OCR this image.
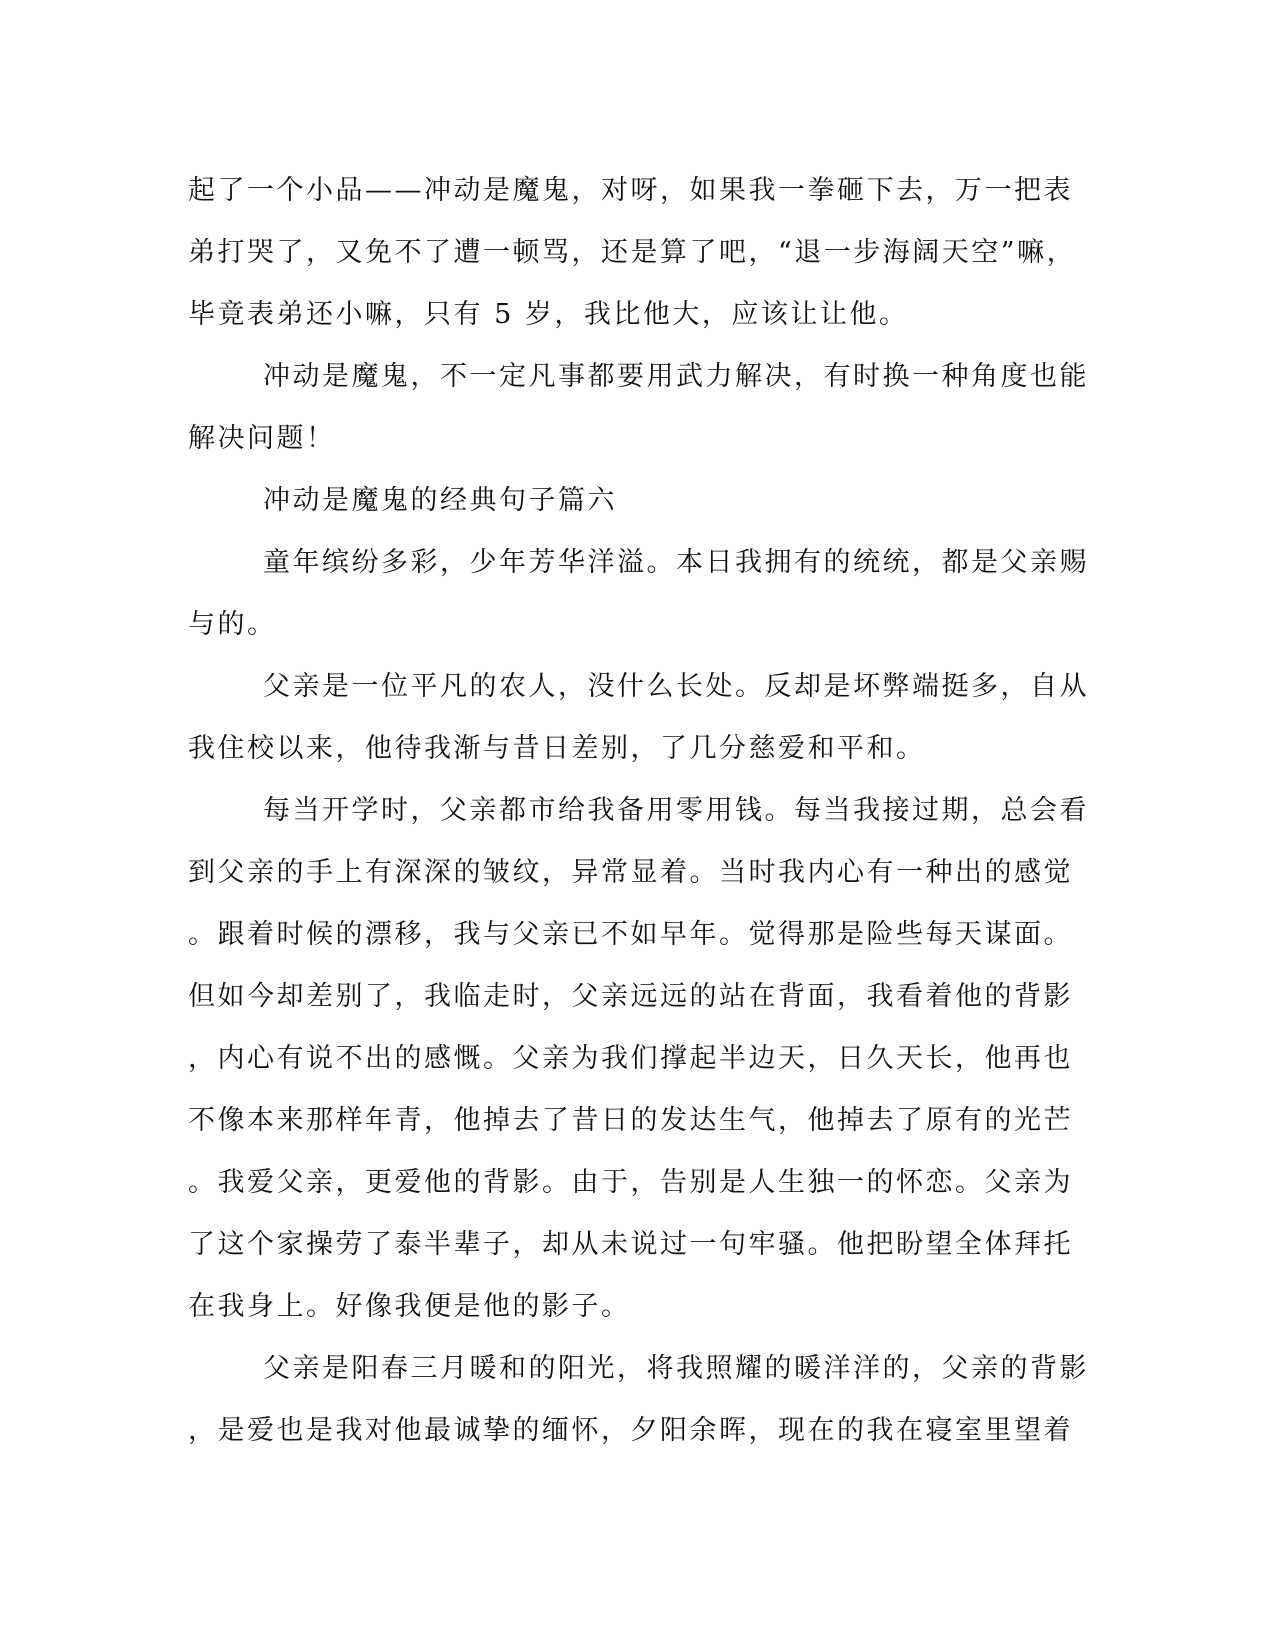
起了一个小品——冲动是魔鬼，对呀，如果我一拳砸下去，万一把表
弟打哭了，又免不了遭一顿骂，还是算了吧，“退一步海阔天空”嘛，
毕竟表弟还小嘛，只有 5 岁，我比他大，应该让让他。
冲动是魔鬼，不一定凡事都要用武力解决，有时换一种角度也能
解决问题！
冲动是魔鬼的经典句子篇六
童年缤纷多彩，少年芳华洋溢。本日我拥有的统统，都是父亲赐
与的。
父亲是一位平凡的农人，没什么长处。反却是坏弊端挺多，自从
我住校以来，他待我渐与昔日差别，了几分慈爱和平和。
每当开学时，父亲都市给我备用零用钱。每当我接过期，总会看
到父亲的手上有深深的皱纹，异常显着。当时我内心有一种出的感觉
。跟着时候的漂移，我与父亲已不如早年。觉得那是险些每天谋面。
但如今却差别了，我临走时，父亲远远的站在背面，我看着他的背影
，内心有说不出的感慨。父亲为我们撑起半边天，日久天长，他再也
不像本来那样年青，他掉去了昔日的发达生气，他掉去了原有的光芒
。我爱父亲，更爱他的背影。由于，告别是人生独一的怀恋。父亲为
了这个家操劳了泰半辈子，却从未说过一句牢骚。他把盼望全体拜托
在我身上。好像我便是他的影子。
父亲是阳春三月暖和的阳光，将我照耀的暖洋洋的，父亲的背影
，是爱也是我对他最诚挚的缅怀，夕阳余晖，现在的我在寝室里望着
